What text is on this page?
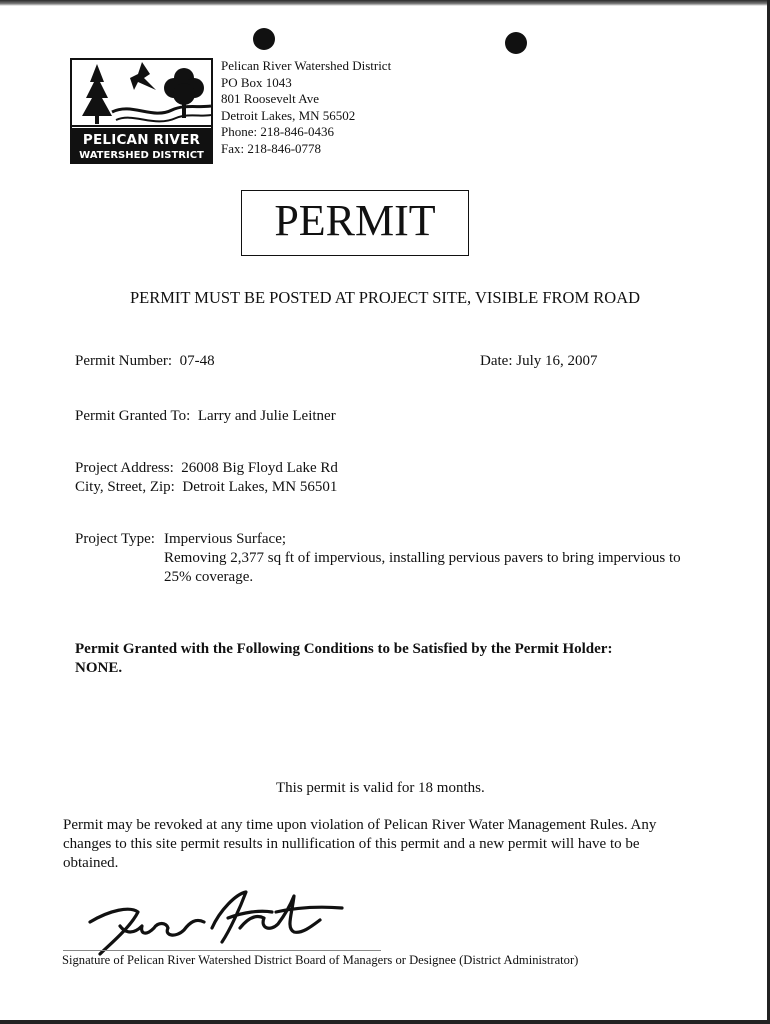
PELICAN RIVER
WATERSHED DISTRICT
Pelican River Watershed District
PO Box 1043
801 Roosevelt Ave
Detroit Lakes, MN 56502
Phone: 218-846-0436
Fax: 218-846-0778
PERMIT
PERMIT MUST BE POSTED AT PROJECT SITE, VISIBLE FROM ROAD
Permit Number: 07-48	Date: July 16, 2007
Permit Granted To: Larry and Julie Leitner
Project Address: 26008 Big Floyd Lake Rd
City, Street, Zip: Detroit Lakes, MN 56501
Project Type: Impervious Surface;
Removing 2,377 sq ft of impervious, installing pervious pavers to bring impervious to
25% coverage.
Permit Granted with the Following Conditions to be Satisfied by the Permit Holder:
NONE.
This permit is valid for 18 months.
Permit may be revoked at any time upon violation of Pelican River Water Management Rules. Any
changes to this site permit results in nullification of this permit and a new permit will have to be
obtained.
Signature of Pelican River Watershed District Board of Managers or Designee (District Administrator)
